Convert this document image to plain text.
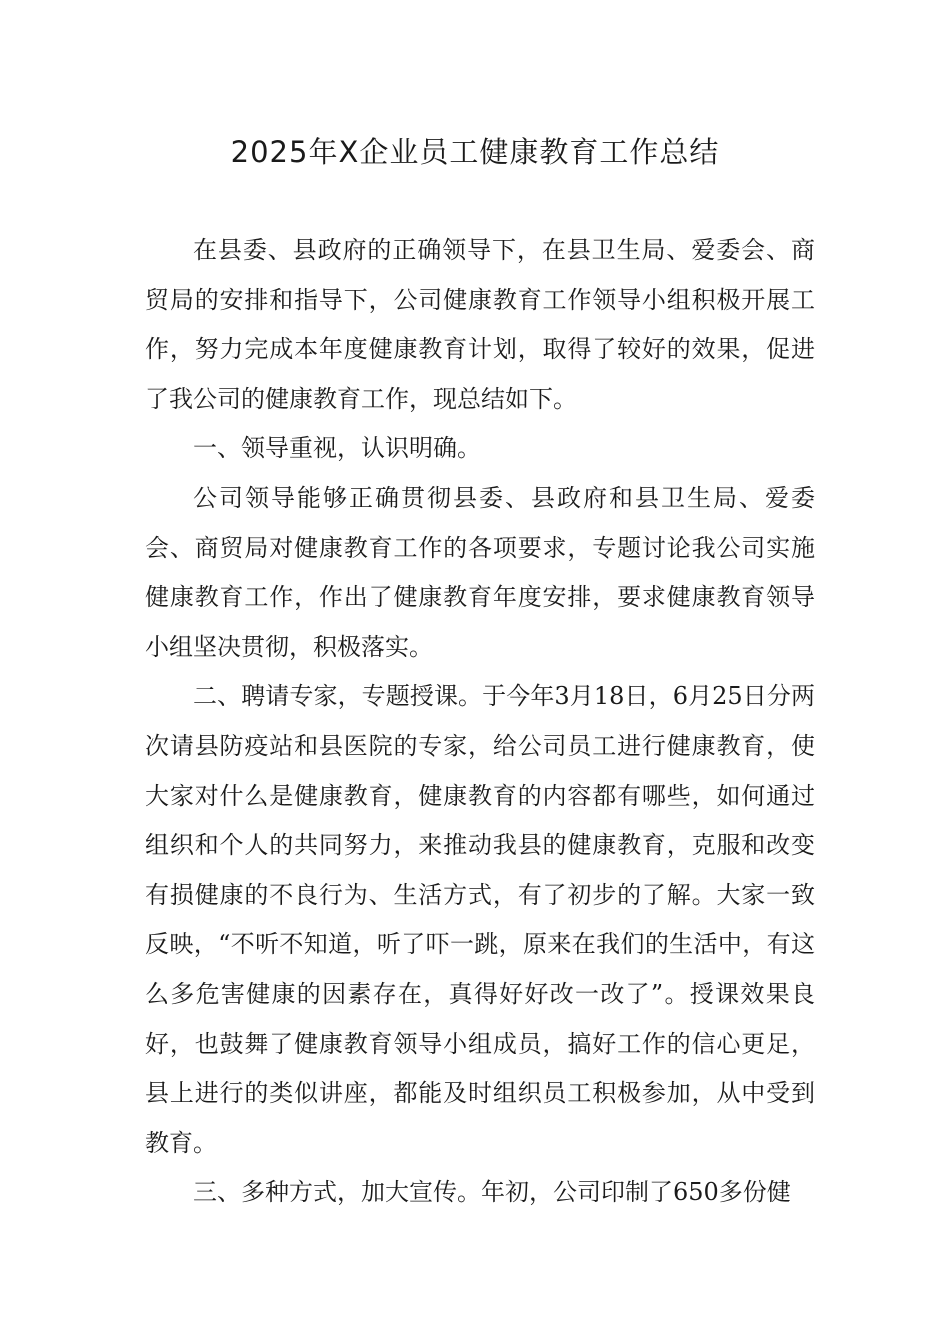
2025年X企业员工健康教育工作总结

在县委、县政府的正确领导下，在县卫生局、爱委会、商贸局的安排和指导下，公司健康教育工作领导小组积极开展工作，努力完成本年度健康教育计划，取得了较好的效果，促进了我公司的健康教育工作，现总结如下。

一、领导重视，认识明确。

公司领导能够正确贯彻县委、县政府和县卫生局、爱委会、商贸局对健康教育工作的各项要求，专题讨论我公司实施健康教育工作，作出了健康教育年度安排，要求健康教育领导小组坚决贯彻，积极落实。

二、聘请专家，专题授课。于今年3月18日，6月25日分两次请县防疫站和县医院的专家，给公司员工进行健康教育，使大家对什么是健康教育，健康教育的内容都有哪些，如何通过组织和个人的共同努力，来推动我县的健康教育，克服和改变有损健康的不良行为、生活方式，有了初步的了解。大家一致反映，“不听不知道，听了吓一跳，原来在我们的生活中，有这么多危害健康的因素存在，真得好好改一改了”。授课效果良好，也鼓舞了健康教育领导小组成员，搞好工作的信心更足，县上进行的类似讲座，都能及时组织员工积极参加，从中受到教育。

三、多种方式，加大宣传。年初，公司印制了650多份健
